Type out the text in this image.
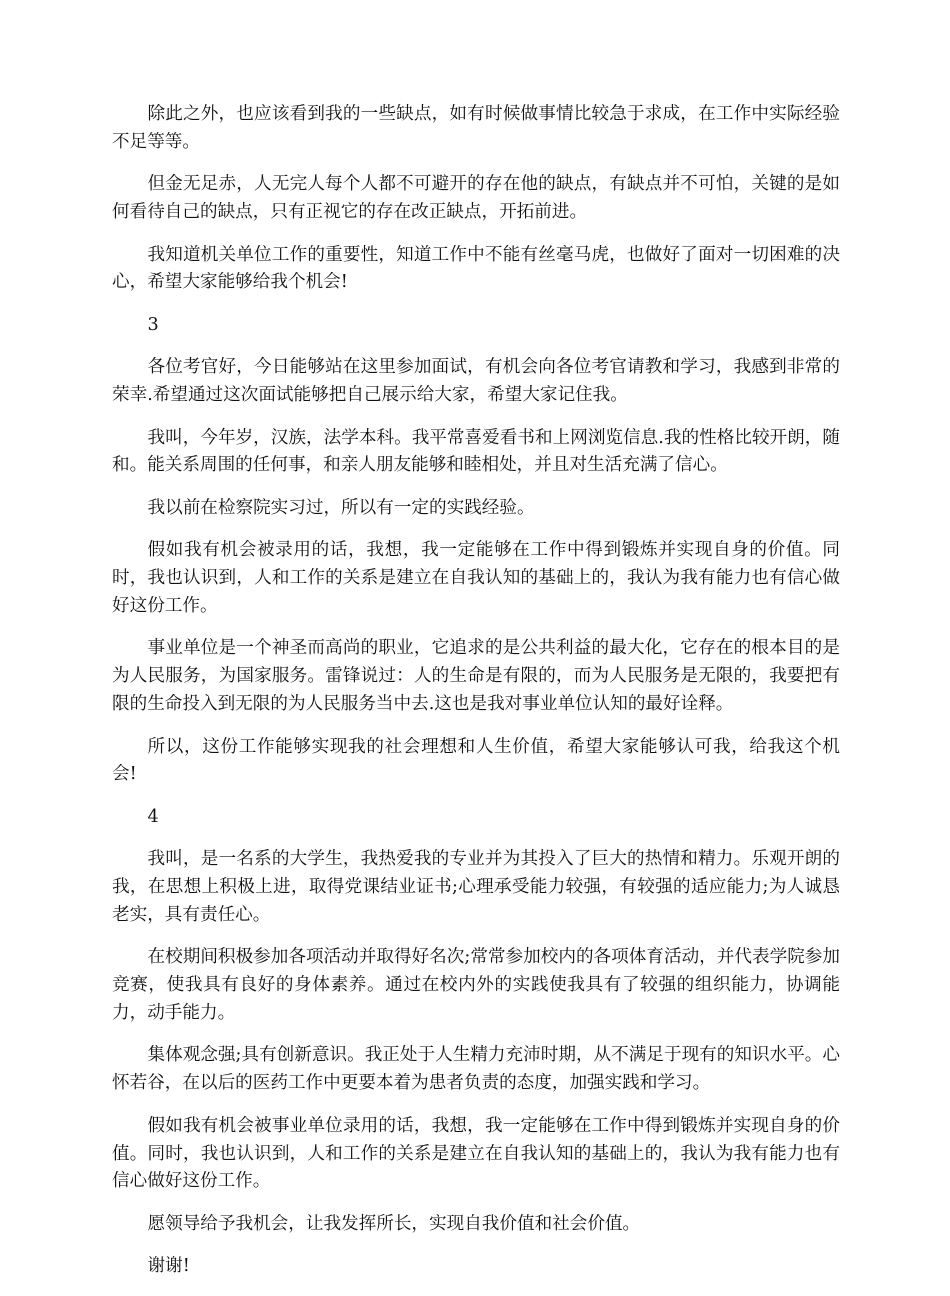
除此之外，也应该看到我的一些缺点，如有时候做事情比较急于求成，在工作中实际经验不足等等。

但金无足赤，人无完人每个人都不可避开的存在他的缺点，有缺点并不可怕，关键的是如何看待自己的缺点，只有正视它的存在改正缺点，开拓前进。

我知道机关单位工作的重要性，知道工作中不能有丝毫马虎，也做好了面对一切困难的决心，希望大家能够给我个机会!

3

各位考官好，今日能够站在这里参加面试，有机会向各位考官请教和学习，我感到非常的荣幸.希望通过这次面试能够把自己展示给大家，希望大家记住我。

我叫，今年岁，汉族，法学本科。我平常喜爱看书和上网浏览信息.我的性格比较开朗，随和。能关系周围的任何事，和亲人朋友能够和睦相处，并且对生活充满了信心。

我以前在检察院实习过，所以有一定的实践经验。

假如我有机会被录用的话，我想，我一定能够在工作中得到锻炼并实现自身的价值。同时，我也认识到，人和工作的关系是建立在自我认知的基础上的，我认为我有能力也有信心做好这份工作。

事业单位是一个神圣而高尚的职业，它追求的是公共利益的最大化，它存在的根本目的是为人民服务，为国家服务。雷锋说过：人的生命是有限的，而为人民服务是无限的，我要把有限的生命投入到无限的为人民服务当中去.这也是我对事业单位认知的最好诠释。

所以，这份工作能够实现我的社会理想和人生价值，希望大家能够认可我，给我这个机会!

4

我叫，是一名系的大学生，我热爱我的专业并为其投入了巨大的热情和精力。乐观开朗的我，在思想上积极上进，取得党课结业证书;心理承受能力较强，有较强的适应能力;为人诚恳老实，具有责任心。

在校期间积极参加各项活动并取得好名次;常常参加校内的各项体育活动，并代表学院参加竞赛，使我具有良好的身体素养。通过在校内外的实践使我具有了较强的组织能力，协调能力，动手能力。

集体观念强;具有创新意识。我正处于人生精力充沛时期，从不满足于现有的知识水平。心怀若谷，在以后的医药工作中更要本着为患者负责的态度，加强实践和学习。

假如我有机会被事业单位录用的话，我想，我一定能够在工作中得到锻炼并实现自身的价值。同时，我也认识到，人和工作的关系是建立在自我认知的基础上的，我认为我有能力也有信心做好这份工作。

愿领导给予我机会，让我发挥所长，实现自我价值和社会价值。

谢谢!
